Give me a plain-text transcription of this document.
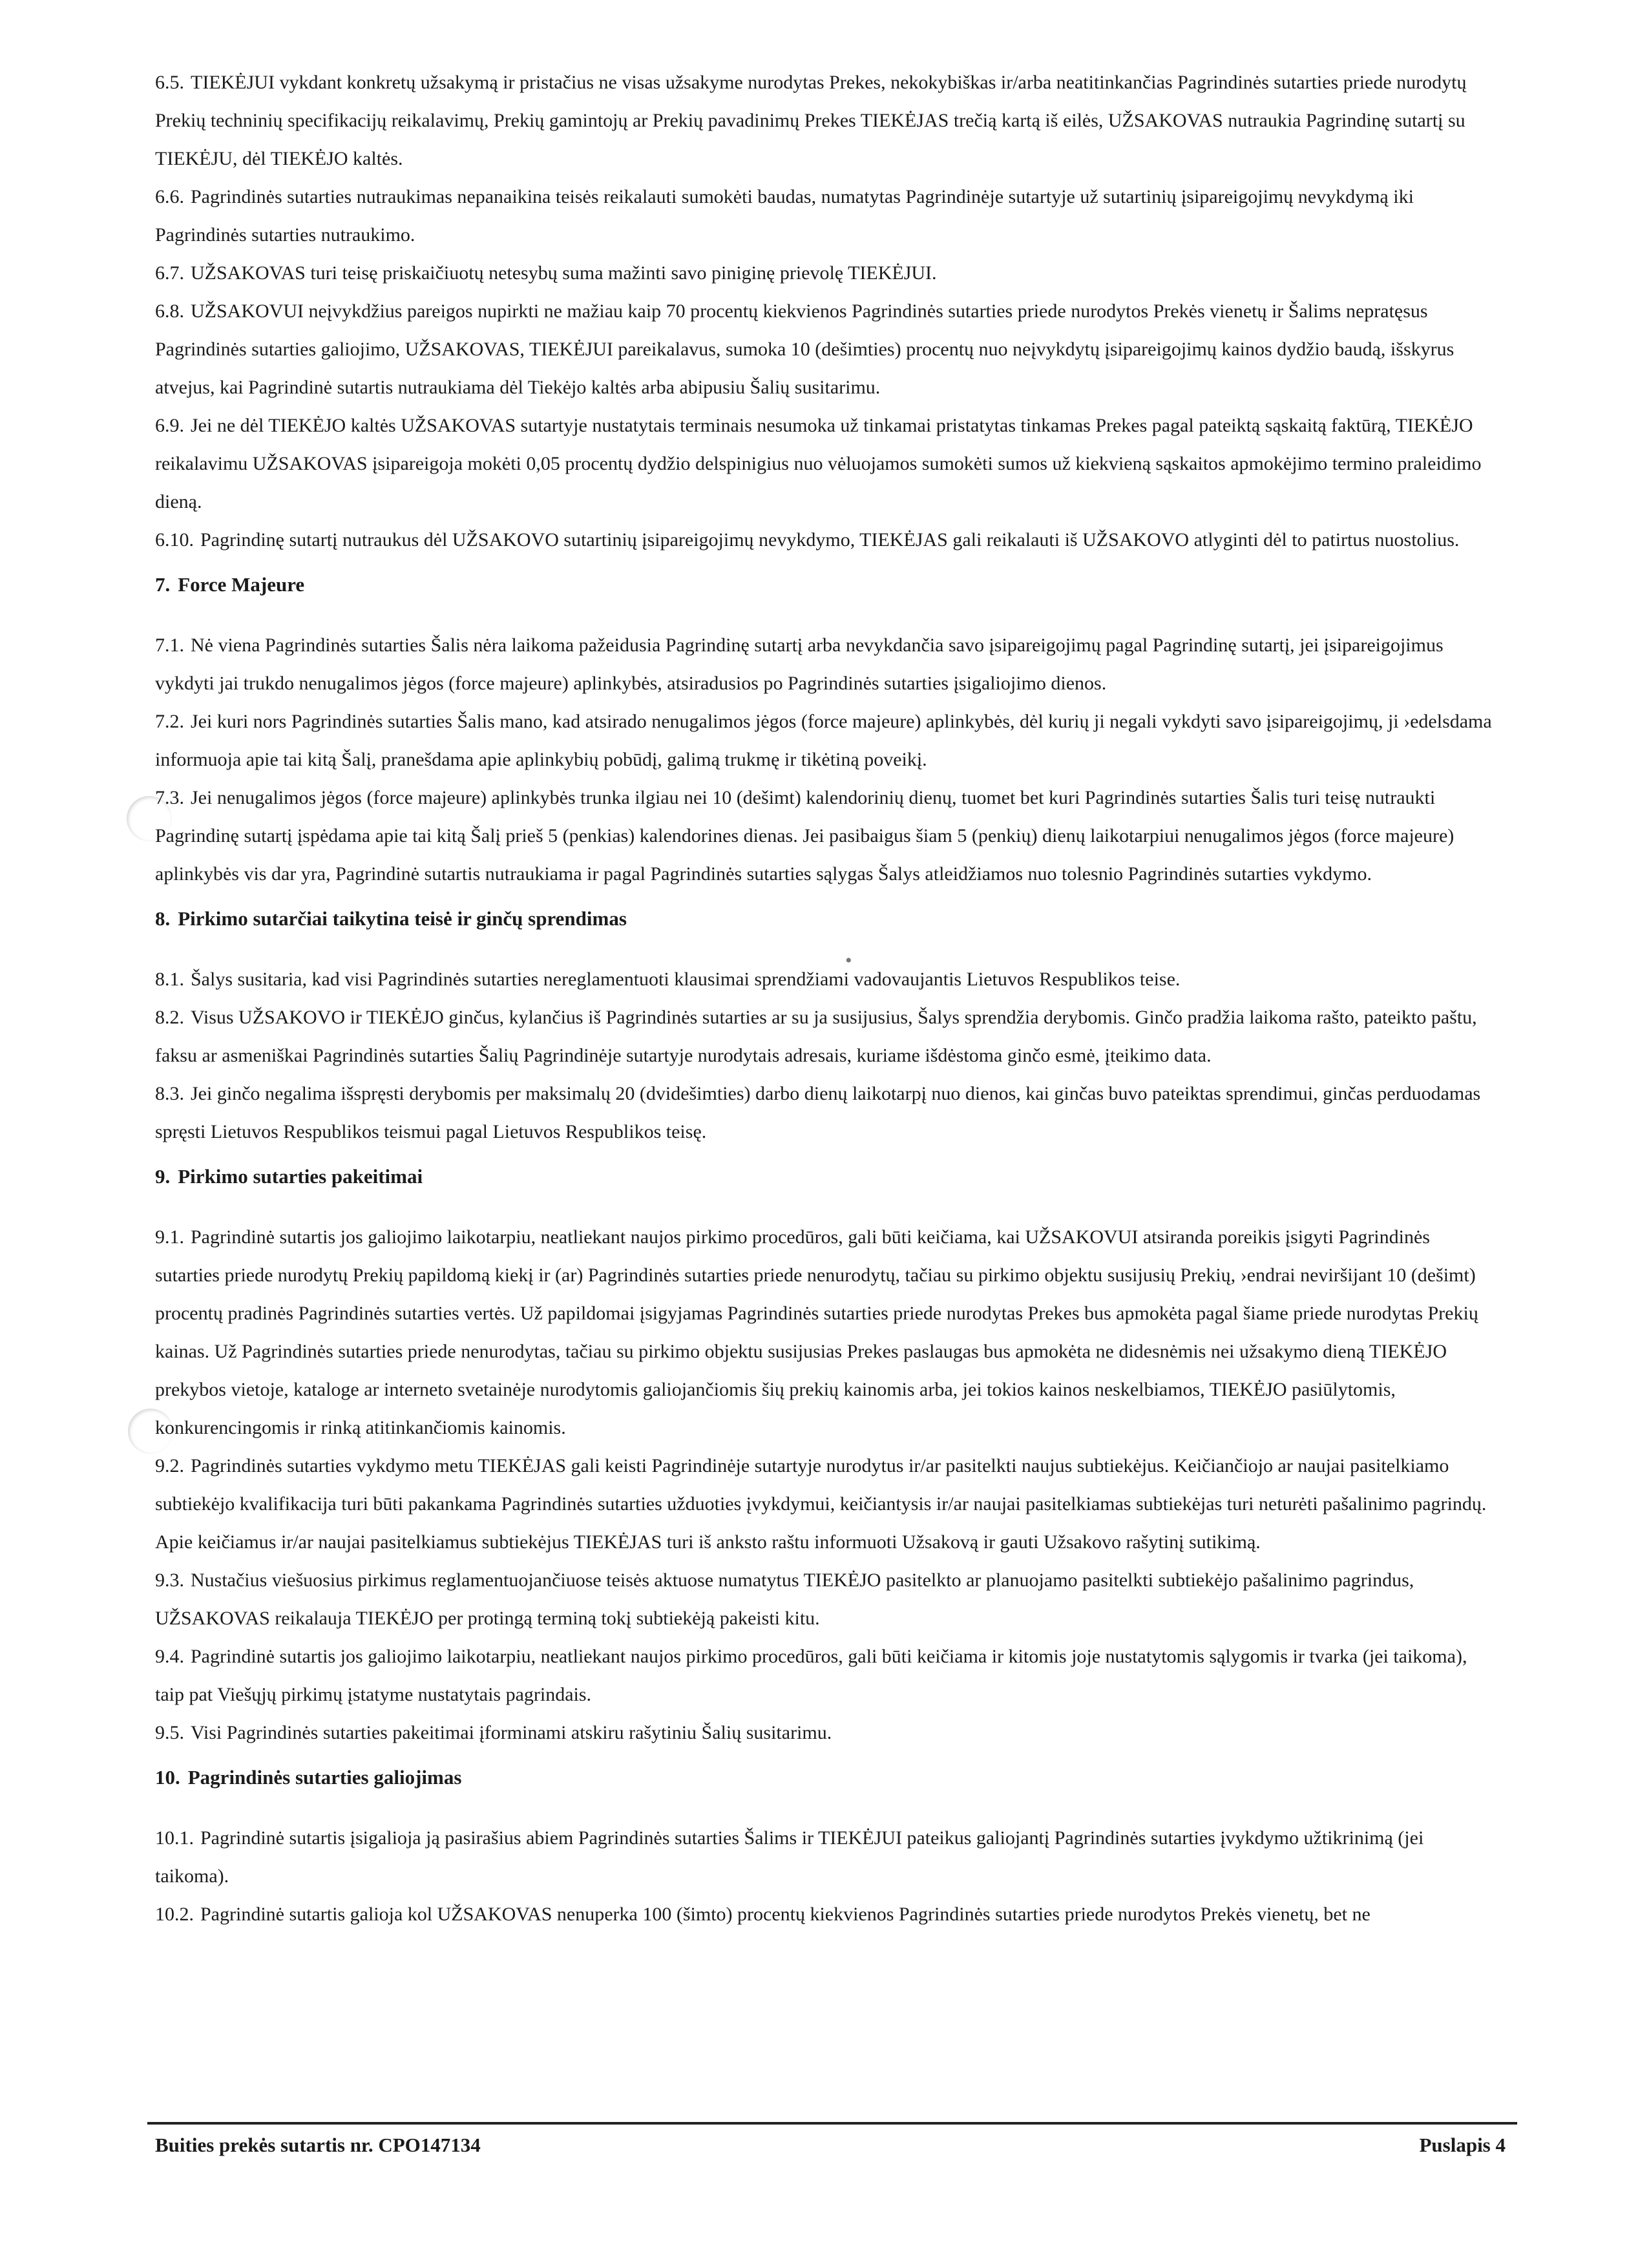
•

6.5. TIEKĖJUI vykdant konkretų užsakymą ir pristačius ne visas užsakyme nurodytas Prekes, nekokybiškas ir/arba neatitinkančias Pagrindinės sutarties priede nurodytų Prekių techninių specifikacijų reikalavimų, Prekių gamintojų ar Prekių pavadinimų Prekes TIEKĖJAS trečią kartą iš eilės, UŽSAKOVAS nutraukia Pagrindinę sutartį su TIEKĖJU, dėl TIEKĖJO kaltės.

6.6. Pagrindinės sutarties nutraukimas nepanaikina teisės reikalauti sumokėti baudas, numatytas Pagrindinėje sutartyje už sutartinių įsipareigojimų nevykdymą iki Pagrindinės sutarties nutraukimo.

6.7. UŽSAKOVAS turi teisę priskaičiuotų netesybų suma mažinti savo piniginę prievolę TIEKĖJUI.

6.8. UŽSAKOVUI neįvykdžius pareigos nupirkti ne mažiau kaip 70 procentų kiekvienos Pagrindinės sutarties priede nurodytos Prekės vienetų ir Šalims nepratęsus Pagrindinės sutarties galiojimo, UŽSAKOVAS, TIEKĖJUI pareikalavus, sumoka 10 (dešimties) procentų nuo neįvykdytų įsipareigojimų kainos dydžio baudą, išskyrus atvejus, kai Pagrindinė sutartis nutraukiama dėl Tiekėjo kaltės arba abipusiu Šalių susitarimu.

6.9. Jei ne dėl TIEKĖJO kaltės UŽSAKOVAS sutartyje nustatytais terminais nesumoka už tinkamai pristatytas tinkamas Prekes pagal pateiktą sąskaitą faktūrą, TIEKĖJO reikalavimu UŽSAKOVAS įsipareigoja mokėti 0,05 procentų dydžio delspinigius nuo vėluojamos sumokėti sumos už kiekvieną sąskaitos apmokėjimo termino praleidimo dieną.

6.10. Pagrindinę sutartį nutraukus dėl UŽSAKOVO sutartinių įsipareigojimų nevykdymo, TIEKĖJAS gali reikalauti iš UŽSAKOVO atlyginti dėl to patirtus nuostolius.

7. Force Majeure

7.1. Nė viena Pagrindinės sutarties Šalis nėra laikoma pažeidusia Pagrindinę sutartį arba nevykdančia savo įsipareigojimų pagal Pagrindinę sutartį, jei įsipareigojimus vykdyti jai trukdo nenugalimos jėgos (force majeure) aplinkybės, atsiradusios po Pagrindinės sutarties įsigaliojimo dienos.

7.2. Jei kuri nors Pagrindinės sutarties Šalis mano, kad atsirado nenugalimos jėgos (force majeure) aplinkybės, dėl kurių ji negali vykdyti savo įsipareigojimų, ji ›edelsdama informuoja apie tai kitą Šalį, pranešdama apie aplinkybių pobūdį, galimą trukmę ir tikėtiną poveikį.

7.3. Jei nenugalimos jėgos (force majeure) aplinkybės trunka ilgiau nei 10 (dešimt) kalendorinių dienų, tuomet bet kuri Pagrindinės sutarties Šalis turi teisę nutraukti Pagrindinę sutartį įspėdama apie tai kitą Šalį prieš 5 (penkias) kalendorines dienas. Jei pasibaigus šiam 5 (penkių) dienų laikotarpiui nenugalimos jėgos (force majeure) aplinkybės vis dar yra, Pagrindinė sutartis nutraukiama ir pagal Pagrindinės sutarties sąlygas Šalys atleidžiamos nuo tolesnio Pagrindinės sutarties vykdymo.

8. Pirkimo sutarčiai taikytina teisė ir ginčų sprendimas

8.1. Šalys susitaria, kad visi Pagrindinės sutarties nereglamentuoti klausimai sprendžiami vadovaujantis Lietuvos Respublikos teise.

8.2. Visus UŽSAKOVO ir TIEKĖJO ginčus, kylančius iš Pagrindinės sutarties ar su ja susijusius, Šalys sprendžia derybomis. Ginčo pradžia laikoma rašto, pateikto paštu, faksu ar asmeniškai Pagrindinės sutarties Šalių Pagrindinėje sutartyje nurodytais adresais, kuriame išdėstoma ginčo esmė, įteikimo data.

8.3. Jei ginčo negalima išspręsti derybomis per maksimalų 20 (dvidešimties) darbo dienų laikotarpį nuo dienos, kai ginčas buvo pateiktas sprendimui, ginčas perduodamas spręsti Lietuvos Respublikos teismui pagal Lietuvos Respublikos teisę.

9. Pirkimo sutarties pakeitimai

9.1. Pagrindinė sutartis jos galiojimo laikotarpiu, neatliekant naujos pirkimo procedūros, gali būti keičiama, kai UŽSAKOVUI atsiranda poreikis įsigyti Pagrindinės sutarties priede nurodytų Prekių papildomą kiekį ir (ar) Pagrindinės sutarties priede nenurodytų, tačiau su pirkimo objektu susijusių Prekių, ›endrai neviršijant 10 (dešimt) procentų pradinės Pagrindinės sutarties vertės. Už papildomai įsigyjamas Pagrindinės sutarties priede nurodytas Prekes bus apmokėta pagal šiame priede nurodytas Prekių kainas. Už Pagrindinės sutarties priede nenurodytas, tačiau su pirkimo objektu susijusias Prekes paslaugas bus apmokėta ne didesnėmis nei užsakymo dieną TIEKĖJO prekybos vietoje, kataloge ar interneto svetainėje nurodytomis galiojančiomis šių prekių kainomis arba, jei tokios kainos neskelbiamos, TIEKĖJO pasiūlytomis, konkurencingomis ir rinką atitinkančiomis kainomis.

9.2. Pagrindinės sutarties vykdymo metu TIEKĖJAS gali keisti Pagrindinėje sutartyje nurodytus ir/ar pasitelkti naujus subtiekėjus. Keičiančiojo ar naujai pasitelkiamo subtiekėjo kvalifikacija turi būti pakankama Pagrindinės sutarties užduoties įvykdymui, keičiantysis ir/ar naujai pasitelkiamas subtiekėjas turi neturėti pašalinimo pagrindų. Apie keičiamus ir/ar naujai pasitelkiamus subtiekėjus TIEKĖJAS turi iš anksto raštu informuoti Užsakovą ir gauti Užsakovo rašytinį sutikimą.

9.3. Nustačius viešuosius pirkimus reglamentuojančiuose teisės aktuose numatytus TIEKĖJO pasitelkto ar planuojamo pasitelkti subtiekėjo pašalinimo pagrindus, UŽSAKOVAS reikalauja TIEKĖJO per protingą terminą tokį subtiekėją pakeisti kitu.

9.4. Pagrindinė sutartis jos galiojimo laikotarpiu, neatliekant naujos pirkimo procedūros, gali būti keičiama ir kitomis joje nustatytomis sąlygomis ir tvarka (jei taikoma), taip pat Viešųjų pirkimų įstatyme nustatytais pagrindais.

9.5. Visi Pagrindinės sutarties pakeitimai įforminami atskiru rašytiniu Šalių susitarimu.

10. Pagrindinės sutarties galiojimas

10.1. Pagrindinė sutartis įsigalioja ją pasirašius abiem Pagrindinės sutarties Šalims ir TIEKĖJUI pateikus galiojantį Pagrindinės sutarties įvykdymo užtikrinimą (jei taikoma).

10.2. Pagrindinė sutartis galioja kol UŽSAKOVAS nenuperka 100 (šimto) procentų kiekvienos Pagrindinės sutarties priede nurodytos Prekės vienetų, bet ne

Buities prekės sutartis nr. CPO147134	Puslapis 4
